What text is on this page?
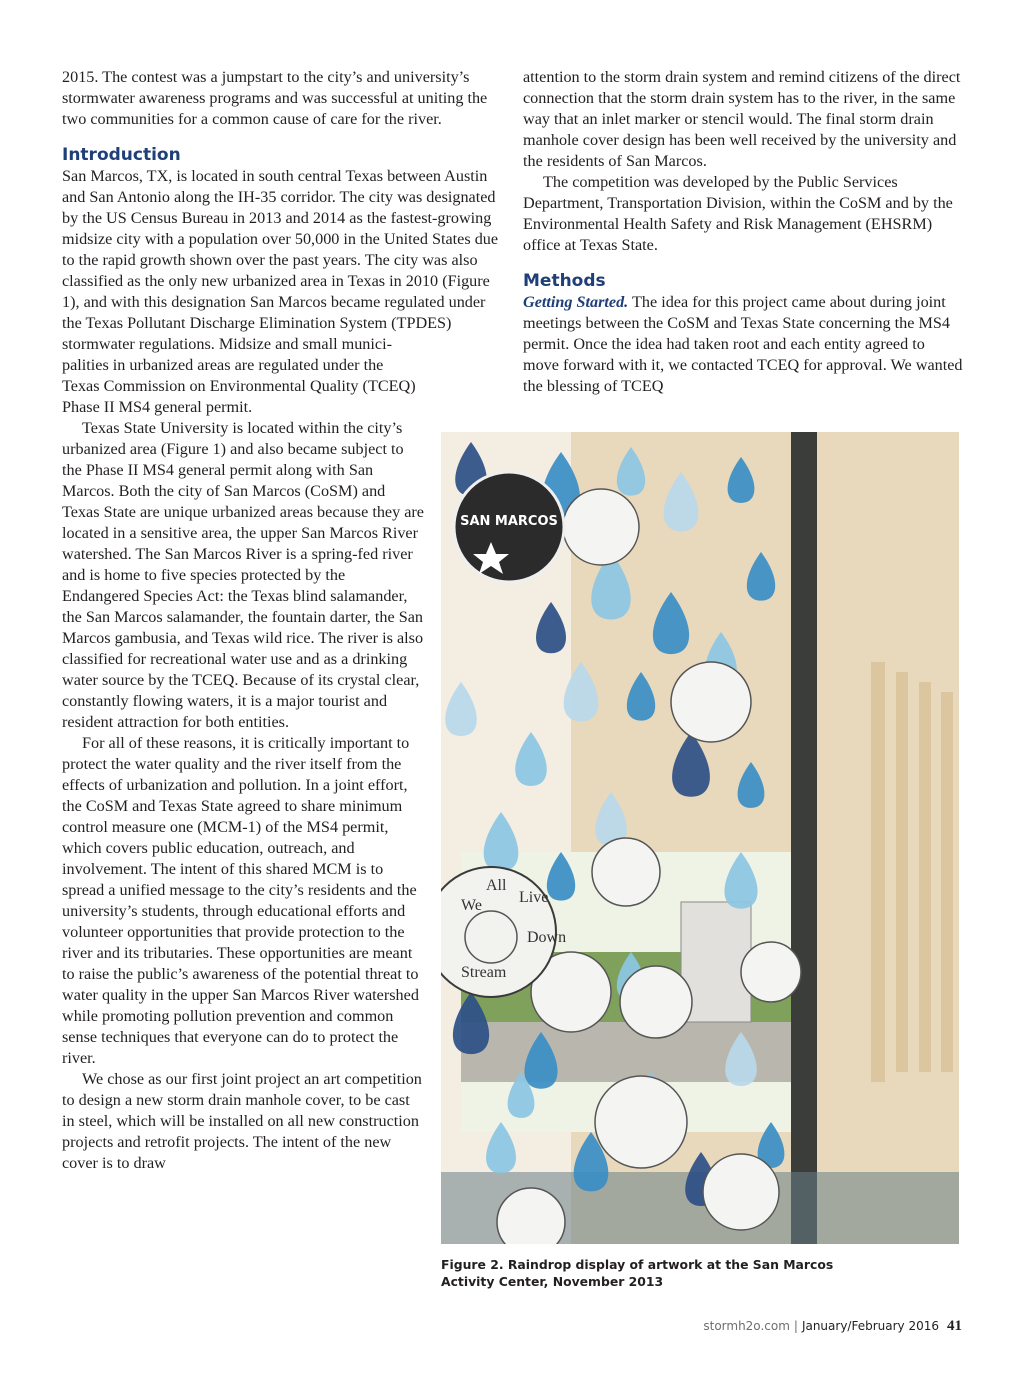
2015. The contest was a jumpstart to the city’s and university’s stormwater awareness programs and was successful at uniting the two communities for a common cause of care for the river.

Introduction

San Marcos, TX, is located in south central Texas between Austin and San Antonio along the IH-35 corridor. The city was designated by the US Census Bureau in 2013 and 2014 as the fastest-growing midsize city with a population over 50,000 in the United States due to the rapid growth shown over the past years. The city was also classified as the only new urbanized area in Texas in 2010 (Figure 1), and with this designation San Marcos became regulated under the Texas Pollutant Discharge Elimination System (TPDES) stormwater regulations. Midsize and small munici-

palities in urbanized areas are regulated under the Texas Commission on Environmental Quality (TCEQ) Phase II MS4 general permit.

Texas State University is located within the city’s urbanized area (Figure 1) and also became subject to the Phase II MS4 general permit along with San Marcos. Both the city of San Marcos (CoSM) and Texas State are unique urbanized areas because they are located in a sensitive area, the upper San Marcos River watershed. The San Marcos River is a spring-fed river and is home to five species protected by the Endangered Species Act: the Texas blind salamander, the San Marcos salamander, the fountain darter, the San Marcos gambusia, and Texas wild rice. The river is also classified for recreational water use and as a drinking water source by the TCEQ. Because of its crystal clear, constantly flowing waters, it is a major tourist and resident attraction for both entities.

For all of these reasons, it is critically important to protect the water quality and the river itself from the effects of urbanization and pollution. In a joint effort, the CoSM and Texas State agreed to share minimum control measure one (MCM-1) of the MS4 permit, which covers public education, outreach, and involvement. The intent of this shared MCM is to spread a unified message to the city’s residents and the university’s students, through educational efforts and volunteer opportunities that provide protection to the river and its tributaries. These opportunities are meant to raise the public’s awareness of the potential threat to water quality in the upper San Marcos River watershed while promoting pollution prevention and common sense techniques that everyone can do to protect the river.

We chose as our first joint project an art competition to design a new storm drain manhole cover, to be cast in steel, which will be installed on all new construction projects and retrofit projects. The intent of the new cover is to draw

attention to the storm drain system and remind citizens of the direct connection that the storm drain system has to the river, in the same way that an inlet marker or stencil would. The final storm drain manhole cover design has been well received by the university and the residents of San Marcos.

The competition was developed by the Public Services Department, Transportation Division, within the CoSM and by the Environmental Health Safety and Risk Management (EHSRM) office at Texas State.

Methods

Getting Started. The idea for this project came about during joint meetings between the CoSM and Texas State concerning the MS4 permit. Once the idea had taken root and each entity agreed to move forward with it, we contacted TCEQ for approval. We wanted the blessing of TCEQ

SAN MARCOS
We
All
Live
Down
Stream
Figure 2. Raindrop display of artwork at the San Marcos
Activity Center, November 2013
stormh2o.com | January/February 2016 41
